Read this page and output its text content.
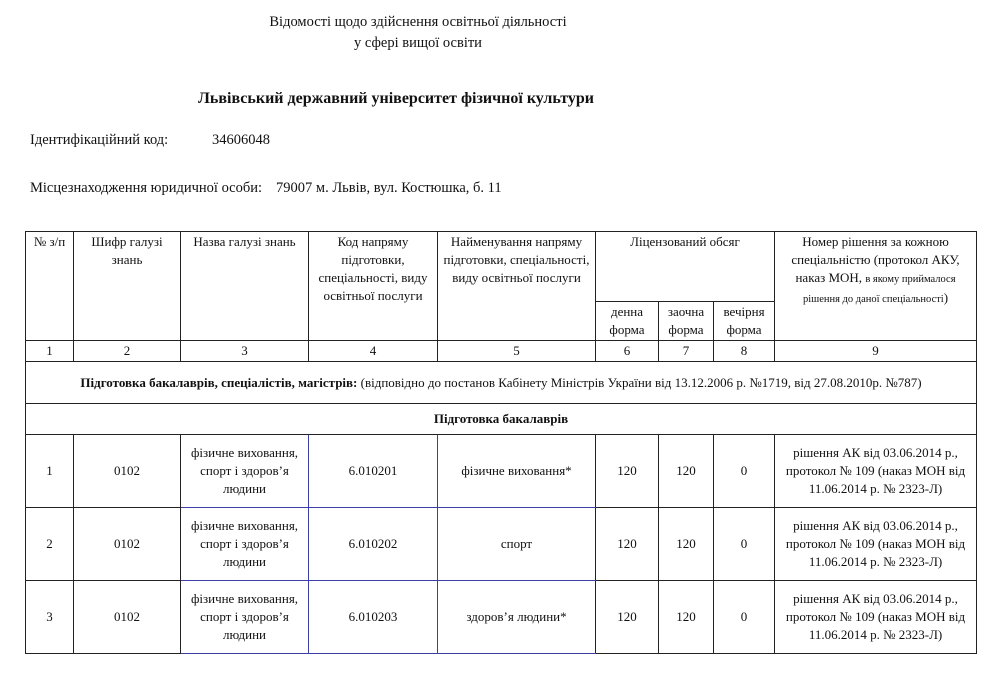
Відомості щодо здійснення освітньої діяльності
у сфері вищої освіти
Львівський державний університет фізичної культури
Ідентифікаційний код:	34606048
Місцезнаходження юридичної особи: 79007 м. Львів, вул. Костюшка, б. 11
№ з/п	Шифр галузі знань	Назва галузі знань	Код напряму підготовки, спеціальності, виду освітньої послуги	Найменування напряму підготовки, спеціальності, виду освітньої послуги	Ліцензований обсяг			Номер рішення за кожною спеціальністю (протокол АКУ, наказ МОН, в якому приймалося рішення до даної спеціальності)
					денна форма	заочна форма	вечірня форма	
1	2	3	4	5	6	7	8	9
Підготовка бакалаврів, спеціалістів, магістрів: (відповідно до постанов Кабінету Міністрів України від 13.12.2006 р. №1719, від 27.08.2010р. №787)								
Підготовка бакалаврів								
1	0102	фізичне виховання, спорт і здоров’я людини	6.010201	фізичне виховання*	120	120	0	рішення АК від 03.06.2014 р., протокол № 109 (наказ МОН від 11.06.2014 р. № 2323-Л)
2	0102	фізичне виховання, спорт і здоров’я людини	6.010202	спорт	120	120	0	рішення АК від 03.06.2014 р., протокол № 109 (наказ МОН від 11.06.2014 р. № 2323-Л)
3	0102	фізичне виховання, спорт і здоров’я людини	6.010203	здоров’я людини*	120	120	0	рішення АК від 03.06.2014 р., протокол № 109 (наказ МОН від 11.06.2014 р. № 2323-Л)
